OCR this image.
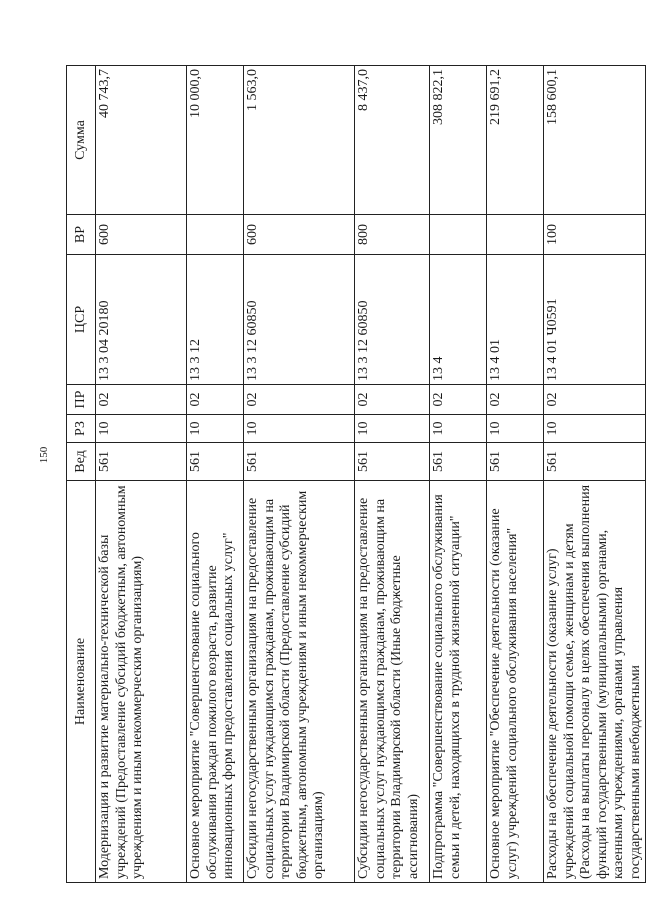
150
Наименование	Вед	РЗ	ПР	ЦСР	ВР	Сумма
Модернизация и развитие материально-технической базы учреждений (Предоставление субсидий бюджетным, автономным учреждениям и иным некоммерческим организациям)	561	10	02	13 3 04 20180	600	40 743,7
Основное мероприятие "Совершенствование социального обслуживания граждан пожилого возраста, развитие инновационных форм предоставления социальных услуг"	561	10	02	13 3 12		10 000,0
Субсидии негосударственным организациям на предоставление социальных услуг нуждающимся гражданам, проживающим на территории Владимирской области (Предоставление субсидий бюджетным, автономным учреждениям и иным некоммерческим организациям)	561	10	02	13 3 12 60850	600	1 563,0
Субсидии негосударственным организациям на предоставление социальных услуг нуждающимся гражданам, проживающим на территории Владимирской области (Иные бюджетные ассигнования)	561	10	02	13 3 12 60850	800	8 437,0
Подпрограмма "Совершенствование социального обслуживания семьи и детей, находящихся в трудной жизненной ситуации"	561	10	02	13 4		308 822,1
Основное мероприятие "Обеспечение деятельности (оказание услуг) учреждений социального обслуживания населения"	561	10	02	13 4 01		219 691,2
Расходы на обеспечение деятельности (оказание услуг) учреждений социальной помощи семье, женщинам и детям (Расходы на выплаты персоналу в целях обеспечения выполнения функций государственными (муниципальными) органами, казенными учреждениями, органами управления государственными внебюджетными	561	10	02	13 4 01 Ч0591	100	158 600,1
